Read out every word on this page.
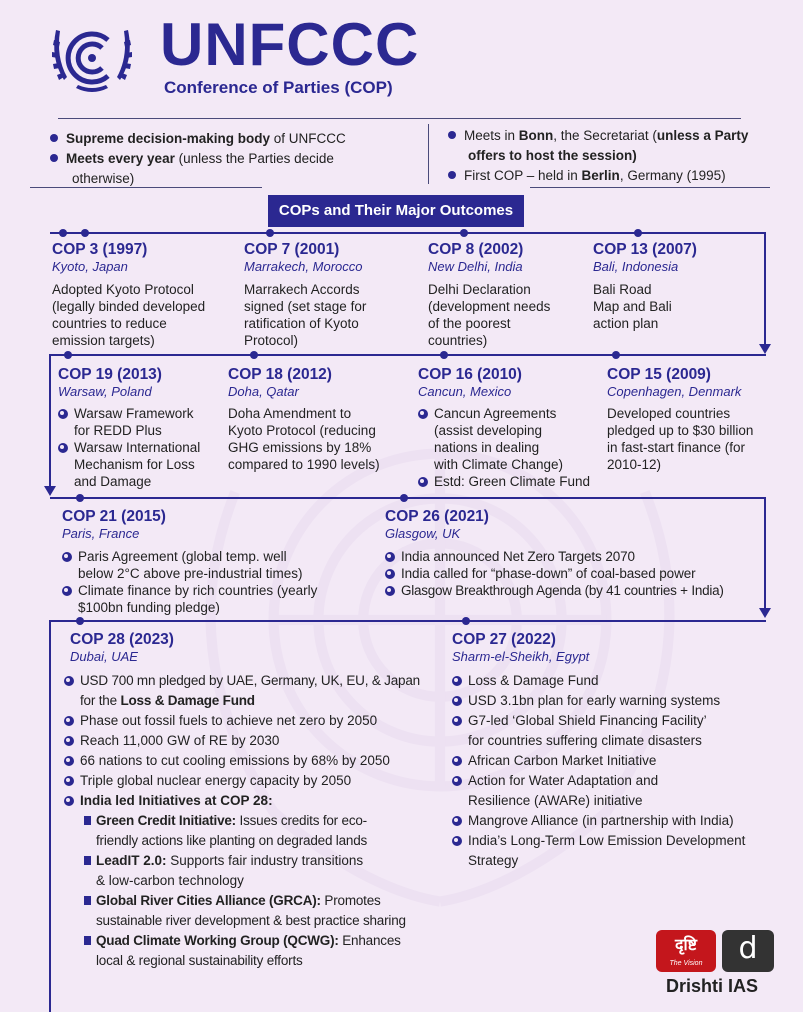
UNFCCC
Conference of Parties (COP)
Supreme decision-making body of UNFCCC
Meets every year (unless the Parties decide
otherwise)
Meets in Bonn, the Secretariat (unless a Party
offers to host the session)
First COP – held in Berlin, Germany (1995)
COPs and Their Major Outcomes
COP 3 (1997)
Kyoto, Japan
Adopted Kyoto Protocol
(legally binded developed
countries to reduce
emission targets)
COP 7 (2001)
Marrakech, Morocco
Marrakech Accords
signed (set stage for
ratification of Kyoto
Protocol)
COP 8 (2002)
New Delhi, India
Delhi Declaration
(development needs
of the poorest
countries)
COP 13 (2007)
Bali, Indonesia
Bali Road
Map and Bali
action plan
COP 19 (2013)
Warsaw, Poland
Warsaw Framework
for REDD Plus
Warsaw International
Mechanism for Loss
and Damage
COP 18 (2012)
Doha, Qatar
Doha Amendment to
Kyoto Protocol (reducing
GHG emissions by 18%
compared to 1990 levels)
COP 16 (2010)
Cancun, Mexico
Cancun Agreements
(assist developing
nations in dealing
with Climate Change)
Estd: Green Climate Fund
COP 15 (2009)
Copenhagen, Denmark
Developed countries
pledged up to $30 billion
in fast-start finance (for
2010-12)
COP 21 (2015)
Paris, France
Paris Agreement (global temp. well
below 2°C above pre-industrial times)
Climate finance by rich countries (yearly
$100bn funding pledge)
COP 26 (2021)
Glasgow, UK
India announced Net Zero Targets 2070
India called for “phase-down” of coal-based power
Glasgow Breakthrough Agenda (by 41 countries + India)
COP 28 (2023)
Dubai, UAE
USD 700 mn pledged by UAE, Germany, UK, EU, & Japan
for the Loss & Damage Fund
Phase out fossil fuels to achieve net zero by 2050
Reach 11,000 GW of RE by 2030
66 nations to cut cooling emissions by 68% by 2050
Triple global nuclear energy capacity by 2050
India led Initiatives at COP 28:
Green Credit Initiative: Issues credits for eco-
friendly actions like planting on degraded lands
LeadIT 2.0: Supports fair industry transitions
& low-carbon technology
Global River Cities Alliance (GRCA): Promotes
sustainable river development & best practice sharing
Quad Climate Working Group (QCWG): Enhances
local & regional sustainability efforts
COP 27 (2022)
Sharm-el-Sheikh, Egypt
Loss & Damage Fund
USD 3.1bn plan for early warning systems
G7-led ‘Global Shield Financing Facility’
for countries suffering climate disasters
African Carbon Market Initiative
Action for Water Adaptation and
Resilience (AWARe) initiative
Mangrove Alliance (in partnership with India)
India’s Long-Term Low Emission Development
Strategy
दृष्टि
The Vision	d
Drishti IAS
